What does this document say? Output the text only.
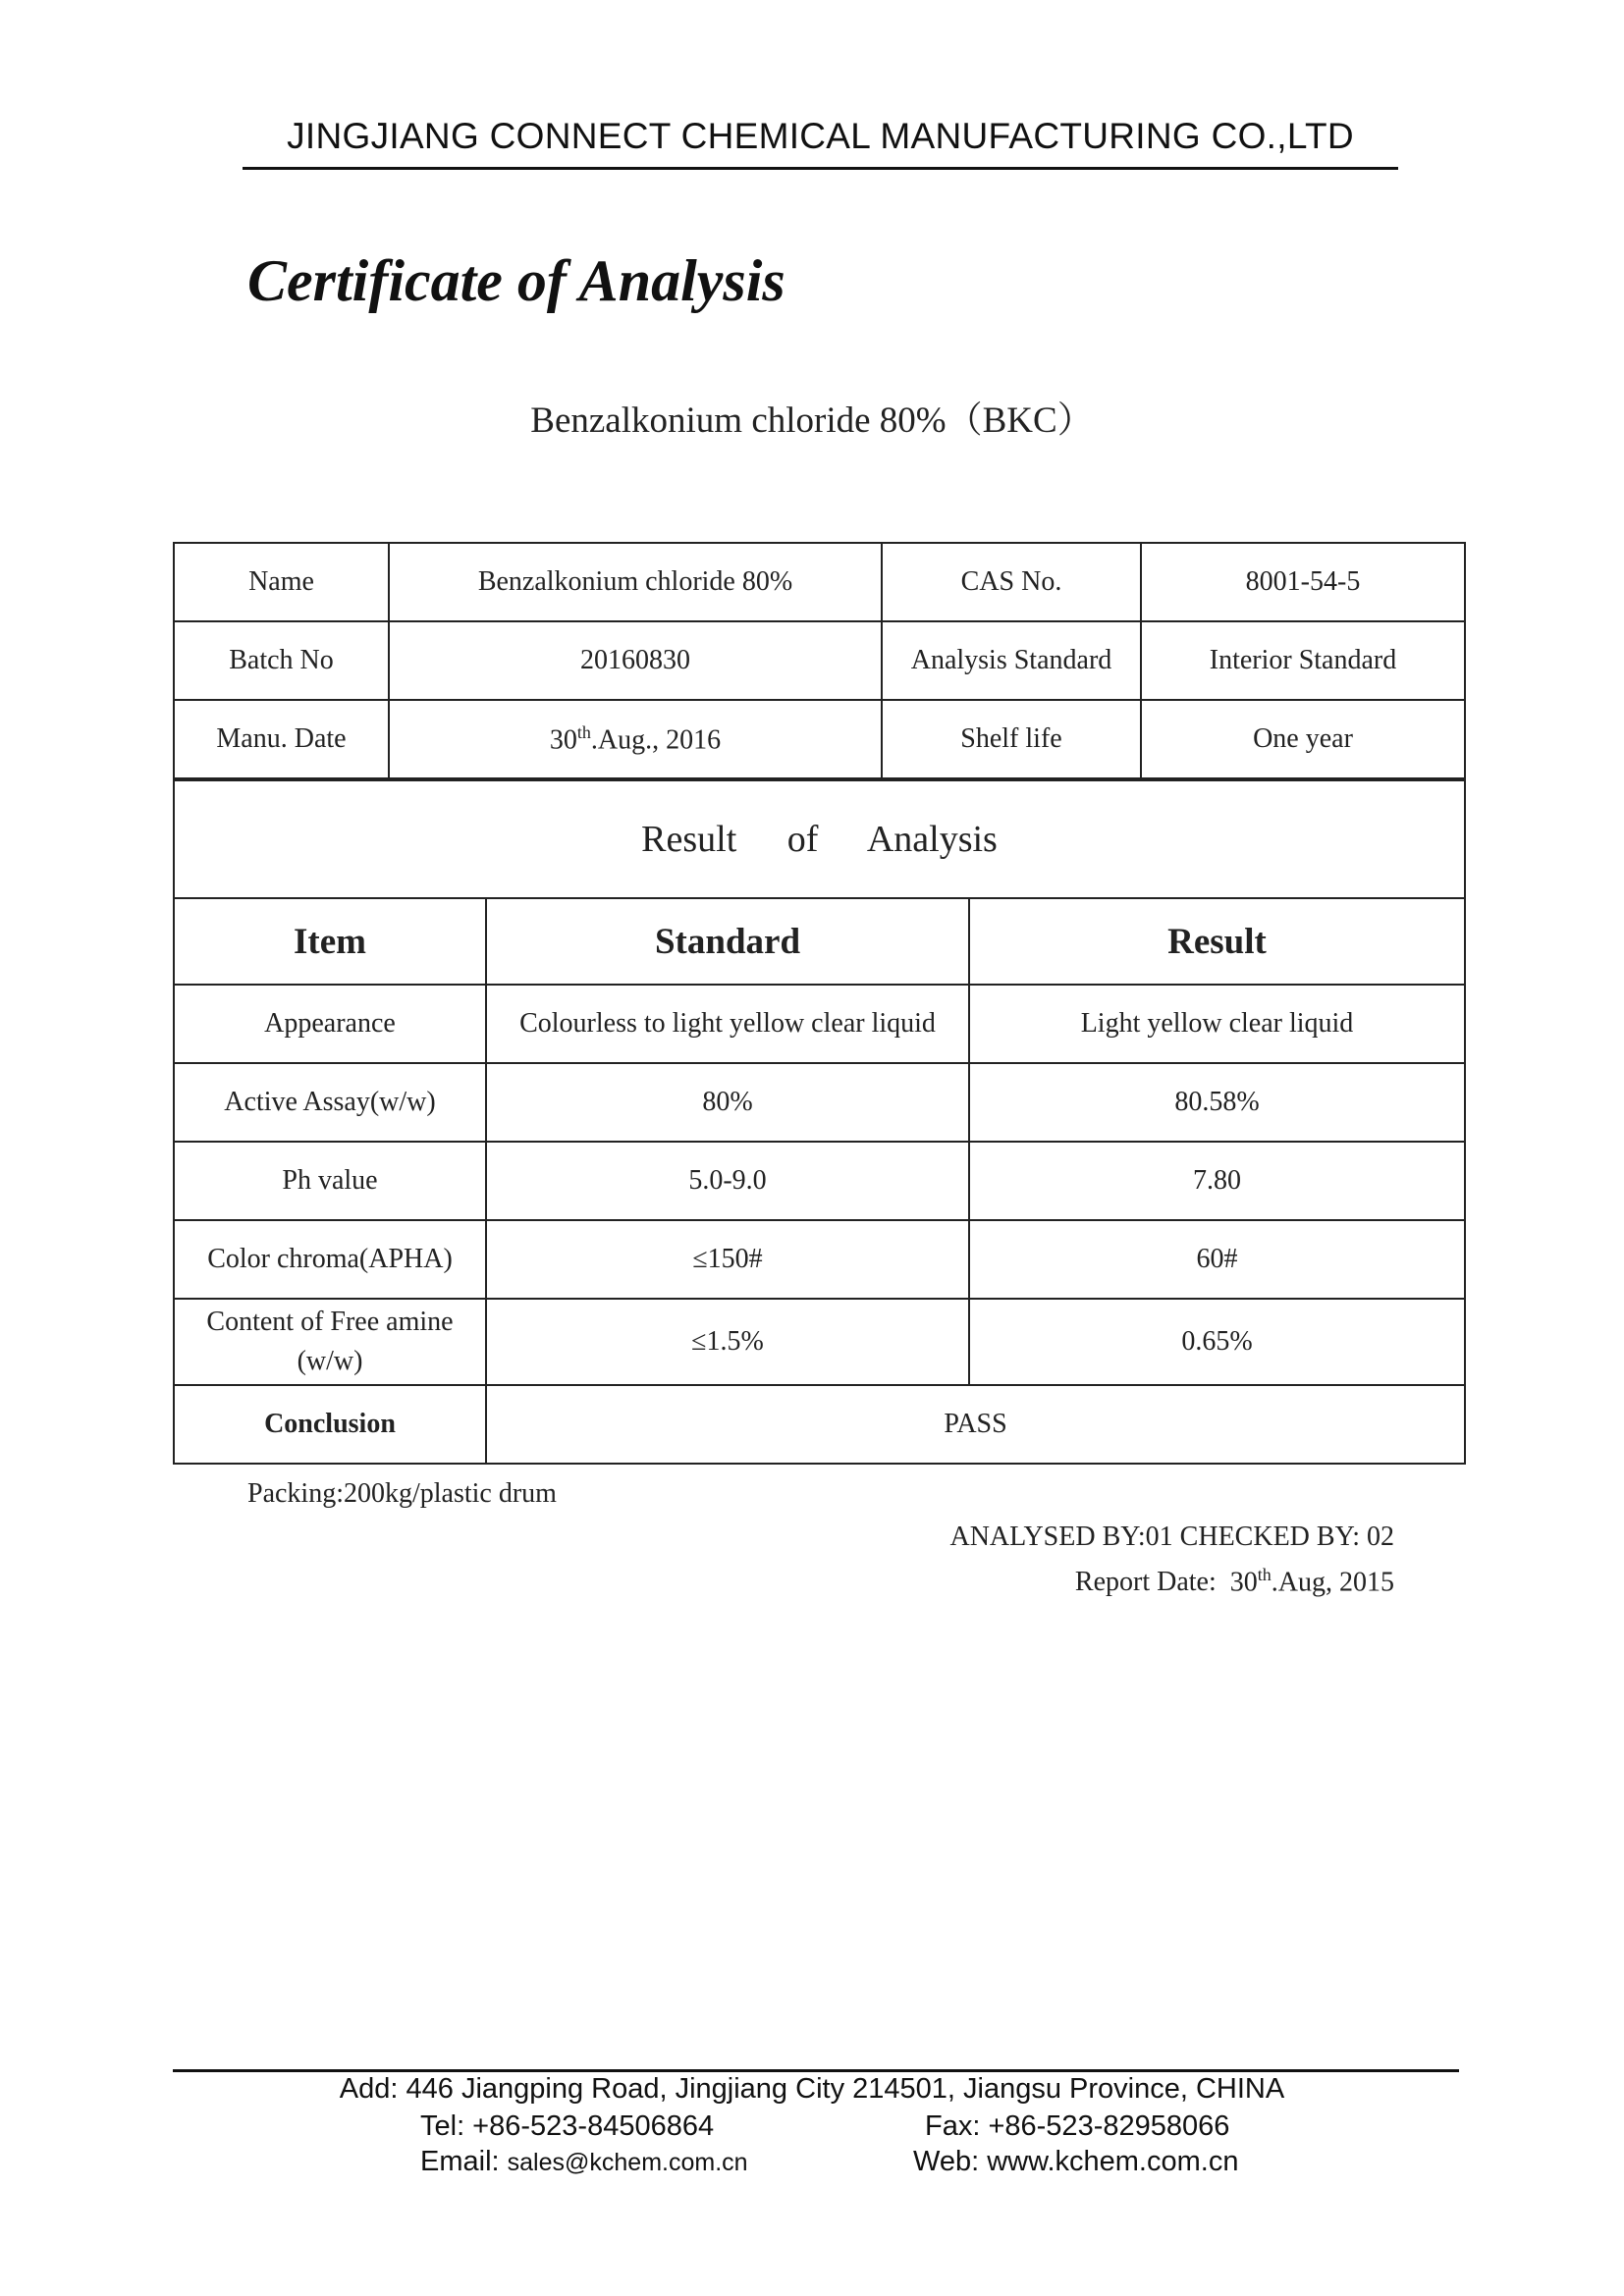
JINGJIANG CONNECT CHEMICAL MANUFACTURING CO.,LTD
Certificate of Analysis
Benzalkonium chloride 80%（BKC）
Name	Benzalkonium chloride 80%	CAS No.	8001-54-5
Batch No	20160830	Analysis Standard	Interior Standard
Manu. Date	30th.Aug., 2016	Shelf life	One year
Result of Analysis		
Item	Standard	Result
Appearance	Colourless to light yellow clear liquid	Light yellow clear liquid
Active Assay(w/w)	80%	80.58%
Ph value	5.0-9.0	7.80
Color chroma(APHA)	≤150#	60#
Content of Free amine (w/w)	≤1.5%	0.65%
Conclusion	PASS	
Packing:200kg/plastic drum
ANALYSED BY:01 CHECKED BY: 02
Report Date: 30th.Aug, 2015
Add: 446 Jiangping Road, Jingjiang City 214501, Jiangsu Province, CHINA
Tel: +86-523-84506864	Fax: +86-523-82958066
Email: sales@kchem.com.cn	Web: www.kchem.com.cn
